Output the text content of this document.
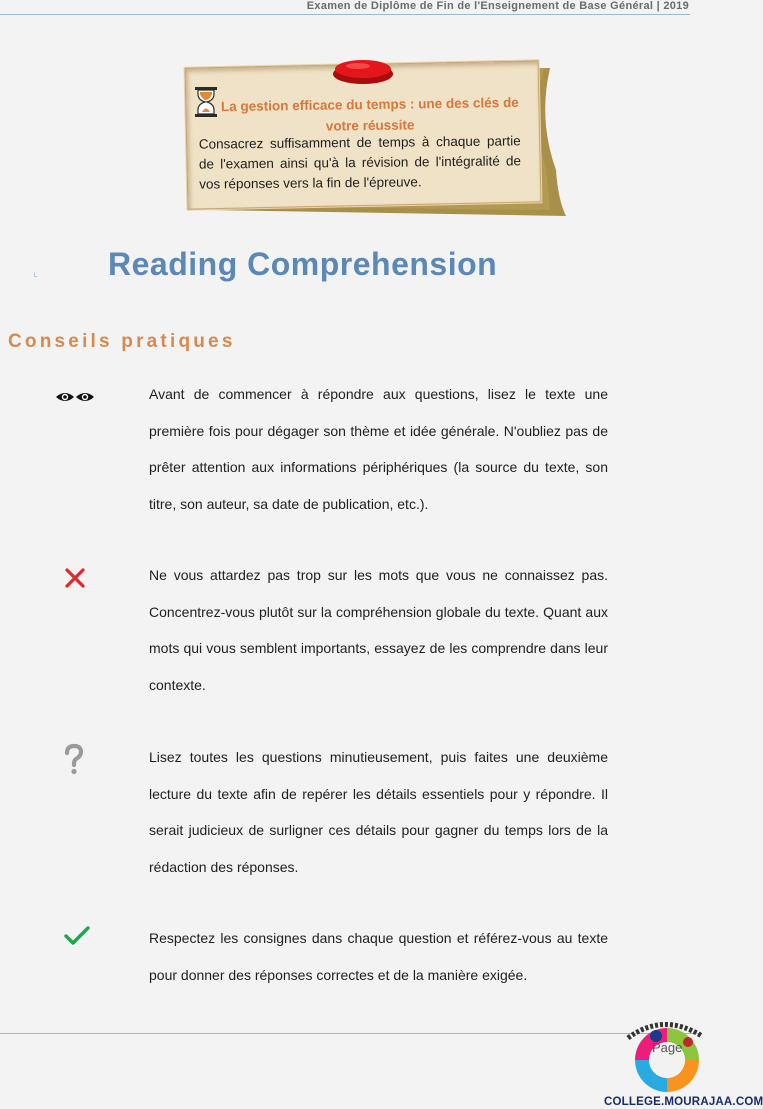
Examen de Diplôme de Fin de l'Enseignement de Base Général | 2019
La gestion efficace du temps : une des clés de votre réussite
Consacrez suffisamment de temps à chaque partie de l'examen ainsi qu'à la révision de l'intégralité de vos réponses vers la fin de l'épreuve.
L Reading Comprehension
Conseils pratiques
Avant de commencer à répondre aux questions, lisez le texte une première fois pour dégager son thème et idée générale. N'oubliez pas de prêter attention aux informations périphériques (la source du texte, son titre, son auteur, sa date de publication, etc.).
Ne vous attardez pas trop sur les mots que vous ne connaissez pas. Concentrez-vous plutôt sur la compréhension globale du texte. Quant aux mots qui vous semblent importants, essayez de les comprendre dans leur contexte.
Lisez toutes les questions minutieusement, puis faites une deuxième lecture du texte afin de repérer les détails essentiels pour y répondre. Il serait judicieux de surligner ces détails pour gagner du temps lors de la rédaction des réponses.
Respectez les consignes dans chaque question et référez-vous au texte pour donner des réponses correctes et de la manière exigée.
Page
COLLEGE.MOURAJAA.COM
